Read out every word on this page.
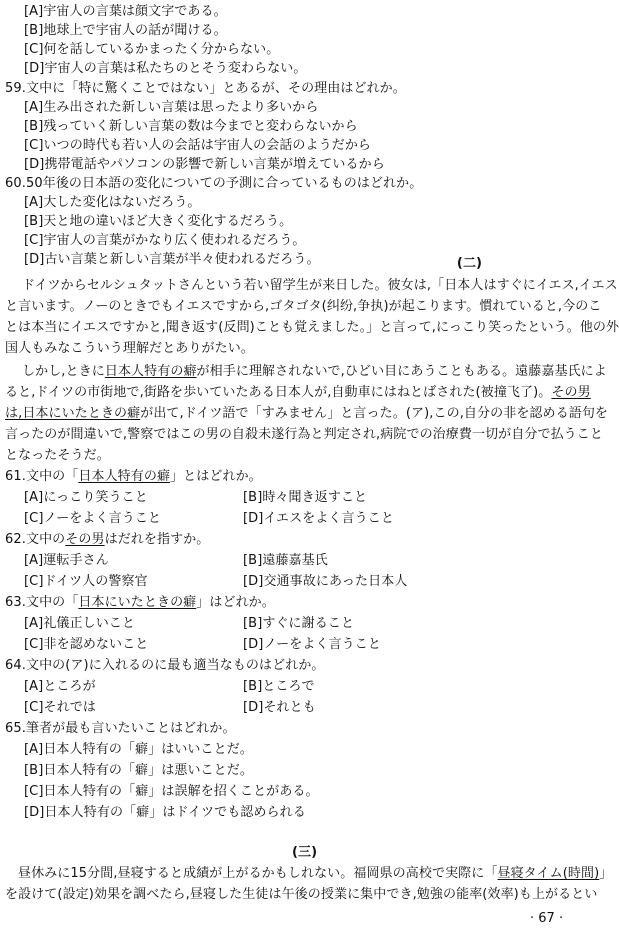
[A]宇宙人の言葉は顔文字である。
[B]地球上で宇宙人の話が聞ける。
[C]何を話しているかまったく分からない。
[D]宇宙人の言葉は私たちのとそう変わらない。
59.文中に「特に驚くことではない」とあるが、その理由はどれか。
[A]生み出された新しい言葉は思ったより多いから
[B]残っていく新しい言葉の数は今までと変わらないから
[C]いつの時代も若い人の会話は宇宙人の会話のようだから
[D]携帯電話やパソコンの影響で新しい言葉が増えているから
60.50年後の日本語の変化についての予測に合っているものはどれか。
[A]大した変化はないだろう。
[B]天と地の違いほど大きく変化するだろう。
[C]宇宙人の言葉がかなり広く使われるだろう。
[D]古い言葉と新しい言葉が半々使われるだろう。	(二)
ドイツからセルシュタットさんという若い留学生が来日した。彼女は,「日本人はすぐにイエス,イエス
と言います。ノーのときでもイエスですから,ゴタゴタ(纠纷,争执)が起こります。慣れていると,今のこ
とは本当にイエスですかと,聞き返す(反問)ことも覚えました。」と言って,にっこり笑ったという。他の外
国人もみなこういう理解だとありがたい。
しかし,ときに日本人特有の癖が相手に理解されないで,ひどい目にあうこともある。遠藤嘉基氏によ
ると,ドイツの市街地で,街路を歩いていたある日本人が,自動車にはねとばされた(被撞飞了)。その男
は,日本にいたときの癖が出て,ドイツ語で「すみません」と言った。(ア),この,自分の非を認める語句を
言ったのが間違いで,警察ではこの男の自殺未遂行為と判定され,病院での治療費一切が自分で払うこと
となったそうだ。
61.文中の「日本人特有の癖」とはどれか。
[A]にっこり笑うこと	[B]時々聞き返すこと
[C]ノーをよく言うこと	[D]イエスをよく言うこと
62.文中のその男はだれを指すか。
[A]運転手さん	[B]遠藤嘉基氏
[C]ドイツ人の警察官	[D]交通事故にあった日本人
63.文中の「日本にいたときの癖」はどれか。
[A]礼儀正しいこと	[B]すぐに謝ること
[C]非を認めないこと	[D]ノーをよく言うこと
64.文中の(ア)に入れるのに最も適当なものはどれか。
[A]ところが	[B]ところで
[C]それでは	[D]それとも
65.筆者が最も言いたいことはどれか。
[A]日本人特有の「癖」はいいことだ。
[B]日本人特有の「癖」は悪いことだ。
[C]日本人特有の「癖」は誤解を招くことがある。
[D]日本人特有の「癖」はドイツでも認められる
(三)
昼休みに15分間,昼寝すると成績が上がるかもしれない。福岡県の高校で実際に「昼寝タイム(時間)」
を設けて(設定)効果を調べたら,昼寝した生徒は午後の授業に集中でき,勉強の能率(效率)も上がるとい
· 67 ·
